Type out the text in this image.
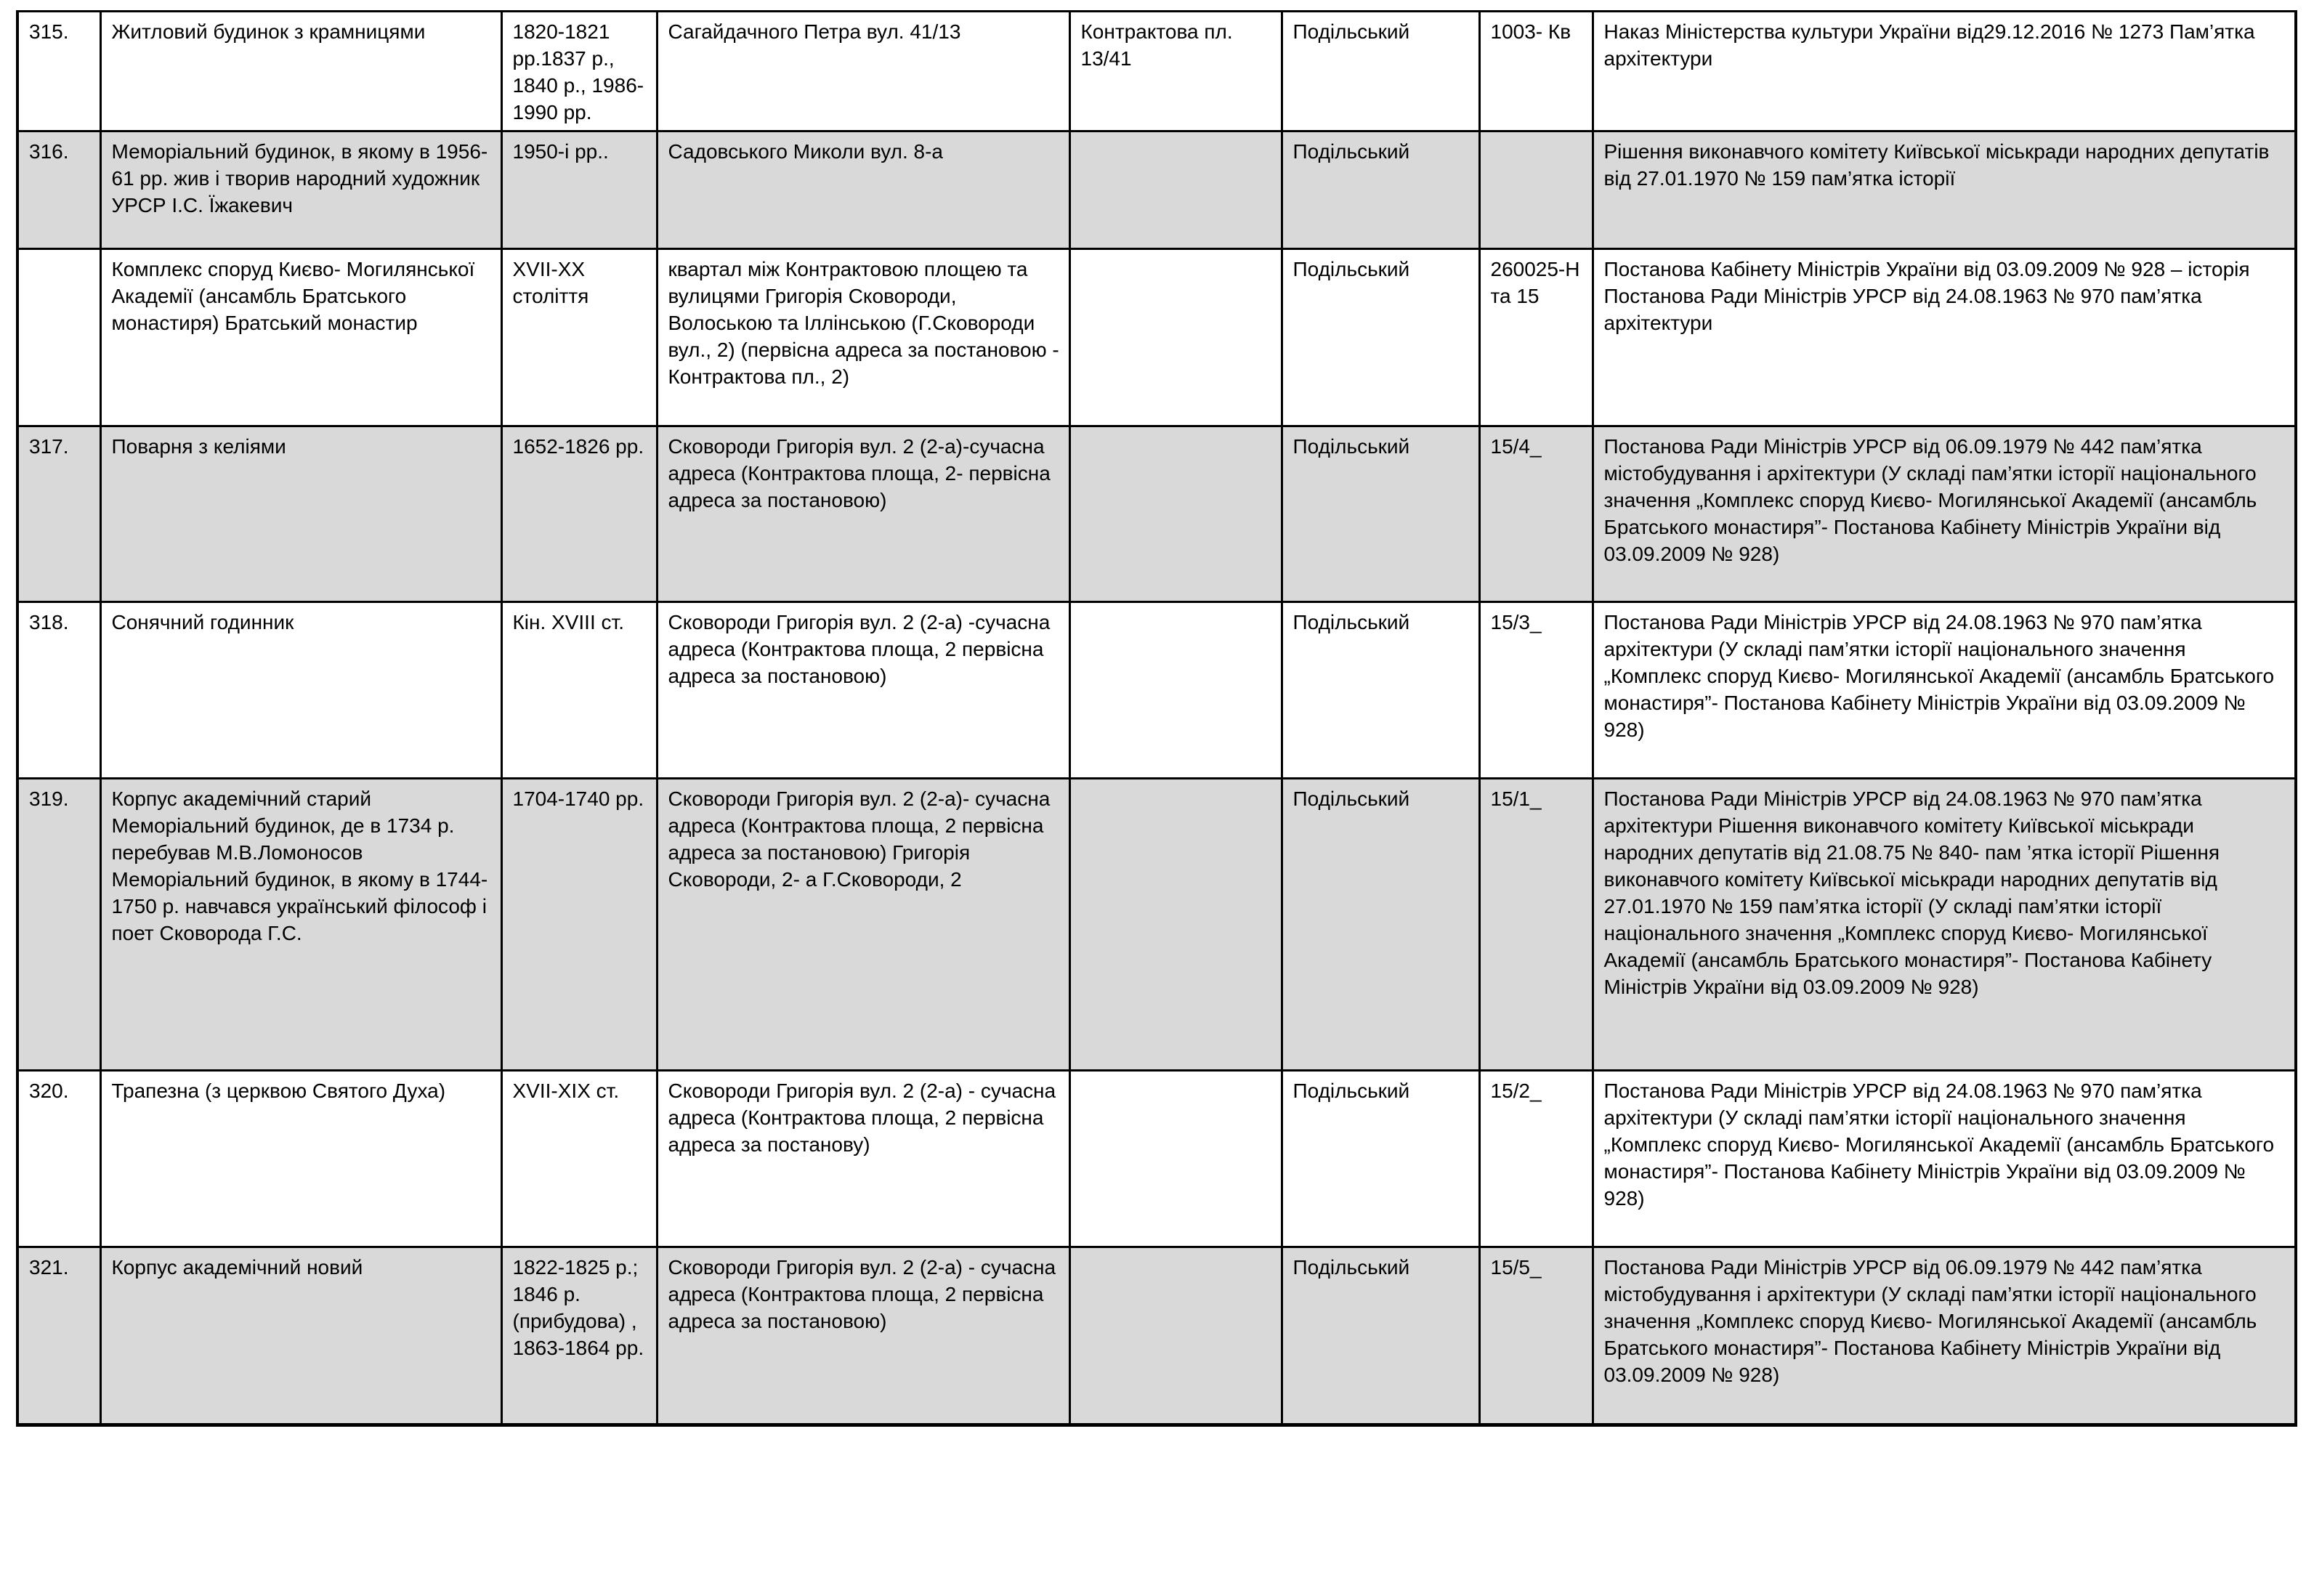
315.	Житловий будинок з крамницями	1820-1821 рр.1837 р., 1840 р., 1986-1990 рр.	Сагайдачного Петра вул. 41/13	Контрактова пл. 13/41	Подільський	1003- Кв	Наказ Міністерства культури України від29.12.2016 № 1273 Пам’ятка архітектури
316.	Меморіальний будинок, в якому в 1956-61 рр. жив і творив народний художник УРСР І.С. Їжакевич	1950-і рр..	Садовського Миколи вул. 8-а		Подільський		Рішення виконавчого комітету Київської міськради народних депутатів від 27.01.1970 № 159 пам’ятка історії
	Комплекс споруд Києво- Могилянської Академії (ансамбль Братського монастиря) Братський монастир	XVII-XX століття	квартал між Контрактовою площею та вулицями Григорія Сковороди, Волоською та Іллінською (Г.Сковороди вул., 2) (первісна адреса за постановою - Контрактова пл., 2)		Подільський	260025-Н та 15	Постанова Кабінету Міністрів України від 03.09.2009 № 928 – історія Постанова Ради Міністрів УРСР від 24.08.1963 № 970 пам’ятка архітектури
317.	Поварня з келіями	1652-1826 рр.	Сковороди Григорія вул. 2 (2-а)-сучасна адреса (Контрактова площа, 2- первісна адреса за постановою)		Подільський	15/4_	Постанова Ради Міністрів УРСР від 06.09.1979 № 442 пам’ятка містобудування і архітектури (У складі пам’ятки історії національного значення „Комплекс споруд Києво- Могилянської Академії (ансамбль Братського монастиря”- Постанова Кабінету Міністрів України від 03.09.2009 № 928)
318.	Сонячний годинник	Кін. XVIII ст.	Сковороди Григорія вул. 2 (2-а) -сучасна адреса (Контрактова площа, 2 первісна адреса за постановою)		Подільський	15/3_	Постанова Ради Міністрів УРСР від 24.08.1963 № 970 пам’ятка архітектури (У складі пам’ятки історії національного значення „Комплекс споруд Києво- Могилянської Академії (ансамбль Братського монастиря”- Постанова Кабінету Міністрів України від 03.09.2009 № 928)
319.	Корпус академічний старий Меморіальний будинок, де в 1734 р. перебував М.В.Ломоносов Меморіальний будинок, в якому в 1744-1750 р. навчався український філософ і поет Сковорода Г.С.	1704-1740 рр.	Сковороди Григорія вул. 2 (2-а)- сучасна адреса (Контрактова площа, 2 первісна адреса за постановою) Григорія Сковороди, 2- а Г.Сковороди, 2		Подільський	15/1_	Постанова Ради Міністрів УРСР від 24.08.1963 № 970 пам’ятка архітектури Рішення виконавчого комітету Київської міськради народних депутатів від 21.08.75 № 840- пам ’ятка історії Рішення виконавчого комітету Київської міськради народних депутатів від 27.01.1970 № 159 пам’ятка історії (У складі пам’ятки історії національного значення „Комплекс споруд Києво- Могилянської Академії (ансамбль Братського монастиря”- Постанова Кабінету Міністрів України від 03.09.2009 № 928)
320.	Трапезна (з церквою Святого Духа)	XVII-XIX ст.	Сковороди Григорія вул. 2 (2-а) - сучасна адреса (Контрактова площа, 2 первісна адреса за постанову)		Подільський	15/2_	Постанова Ради Міністрів УРСР від 24.08.1963 № 970 пам’ятка архітектури (У складі пам’ятки історії національного значення „Комплекс споруд Києво- Могилянської Академії (ансамбль Братського монастиря”- Постанова Кабінету Міністрів України від 03.09.2009 № 928)
321.	Корпус академічний новий	1822-1825 р.; 1846 р.(прибудова) , 1863-1864 рр.	Сковороди Григорія вул. 2 (2-а) - сучасна адреса (Контрактова площа, 2 первісна адреса за постановою)		Подільський	15/5_	Постанова Ради Міністрів УРСР від 06.09.1979 № 442 пам’ятка містобудування і архітектури (У складі пам’ятки історії національного значення „Комплекс споруд Києво- Могилянської Академії (ансамбль Братського монастиря”- Постанова Кабінету Міністрів України від 03.09.2009 № 928)
